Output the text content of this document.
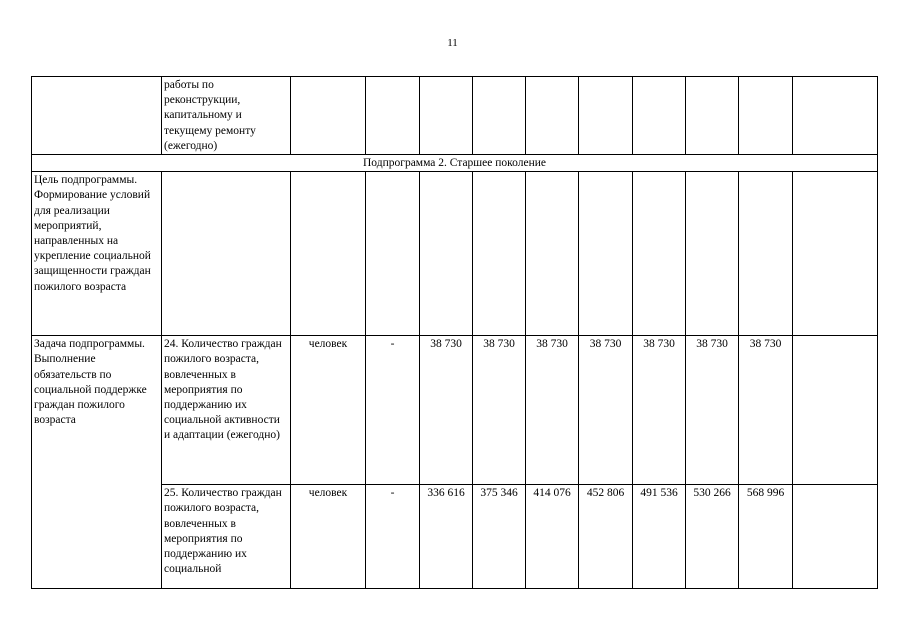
11
	работы по реконструкции, капитальному и текущему ремонту (ежегодно)										
Подпрограмма 2. Старшее поколение											
Цель подпрограммы. Формирование условий для реализации мероприятий, направленных на укрепление социальной защищенности граждан пожилого возраста											
Задача подпрограммы. Выполнение обязательств по социальной поддержке граждан пожилого возраста	24. Количество граждан пожилого возраста, вовлеченных в мероприятия по поддержанию их социальной активности и адаптации (ежегодно)	человек	-	38 730	38 730	38 730	38 730	38 730	38 730	38 730	
	25. Количество граждан пожилого возраста, вовлеченных в мероприятия по поддержанию их социальной	человек	-	336 616	375 346	414 076	452 806	491 536	530 266	568 996	
